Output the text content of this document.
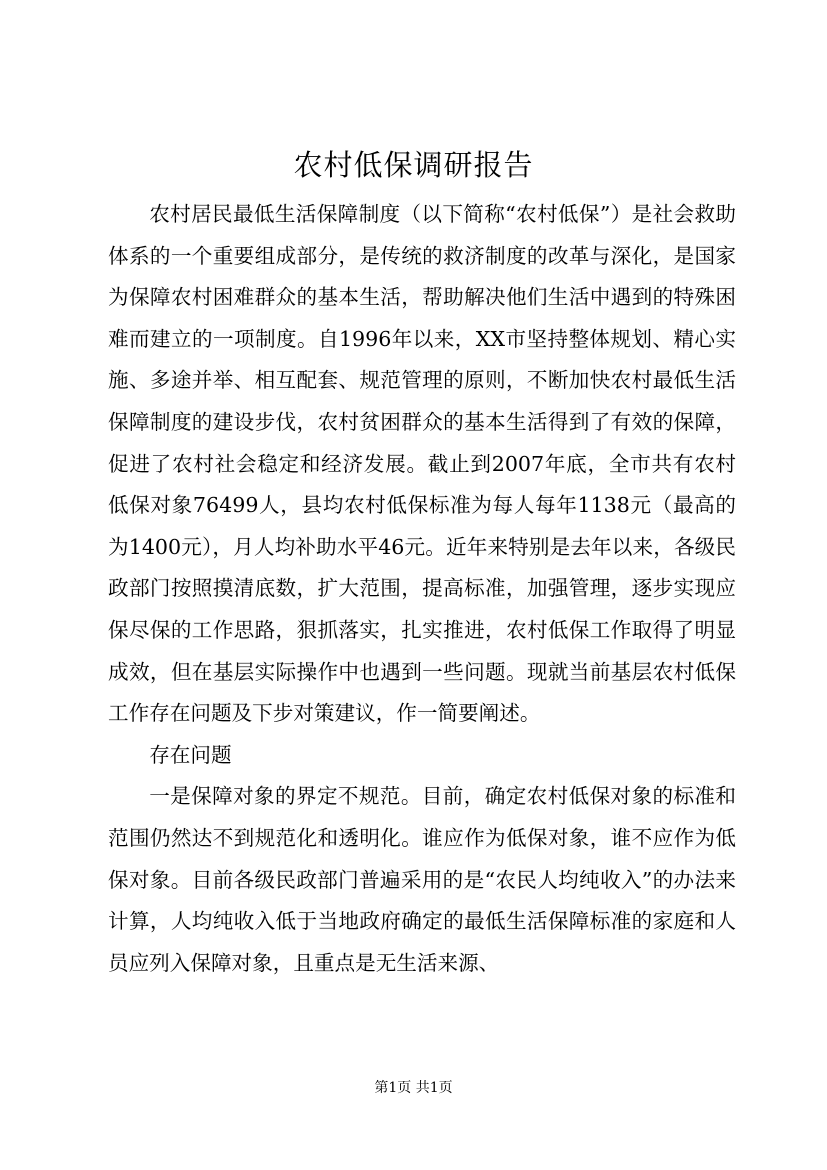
农村低保调研报告

农村居民最低生活保障制度（以下简称“农村低保”）是社会救助体系的一个重要组成部分，是传统的救济制度的改革与深化，是国家为保障农村困难群众的基本生活，帮助解决他们生活中遇到的特殊困难而建立的一项制度。自1996年以来，XX市坚持整体规划、精心实施、多途并举、相互配套、规范管理的原则，不断加快农村最低生活保障制度的建设步伐，农村贫困群众的基本生活得到了有效的保障，促进了农村社会稳定和经济发展。截止到2007年底，全市共有农村低保对象76499人，县均农村低保标准为每人每年1138元（最高的为1400元），月人均补助水平46元。近年来特别是去年以来，各级民政部门按照摸清底数，扩大范围，提高标准，加强管理，逐步实现应保尽保的工作思路，狠抓落实，扎实推进，农村低保工作取得了明显成效，但在基层实际操作中也遇到一些问题。现就当前基层农村低保工作存在问题及下步对策建议，作一简要阐述。

存在问题

一是保障对象的界定不规范。目前，确定农村低保对象的标准和范围仍然达不到规范化和透明化。谁应作为低保对象，谁不应作为低保对象。目前各级民政部门普遍采用的是“农民人均纯收入”的办法来计算，人均纯收入低于当地政府确定的最低生活保障标准的家庭和人员应列入保障对象，且重点是无生活来源、

第1页 共1页
